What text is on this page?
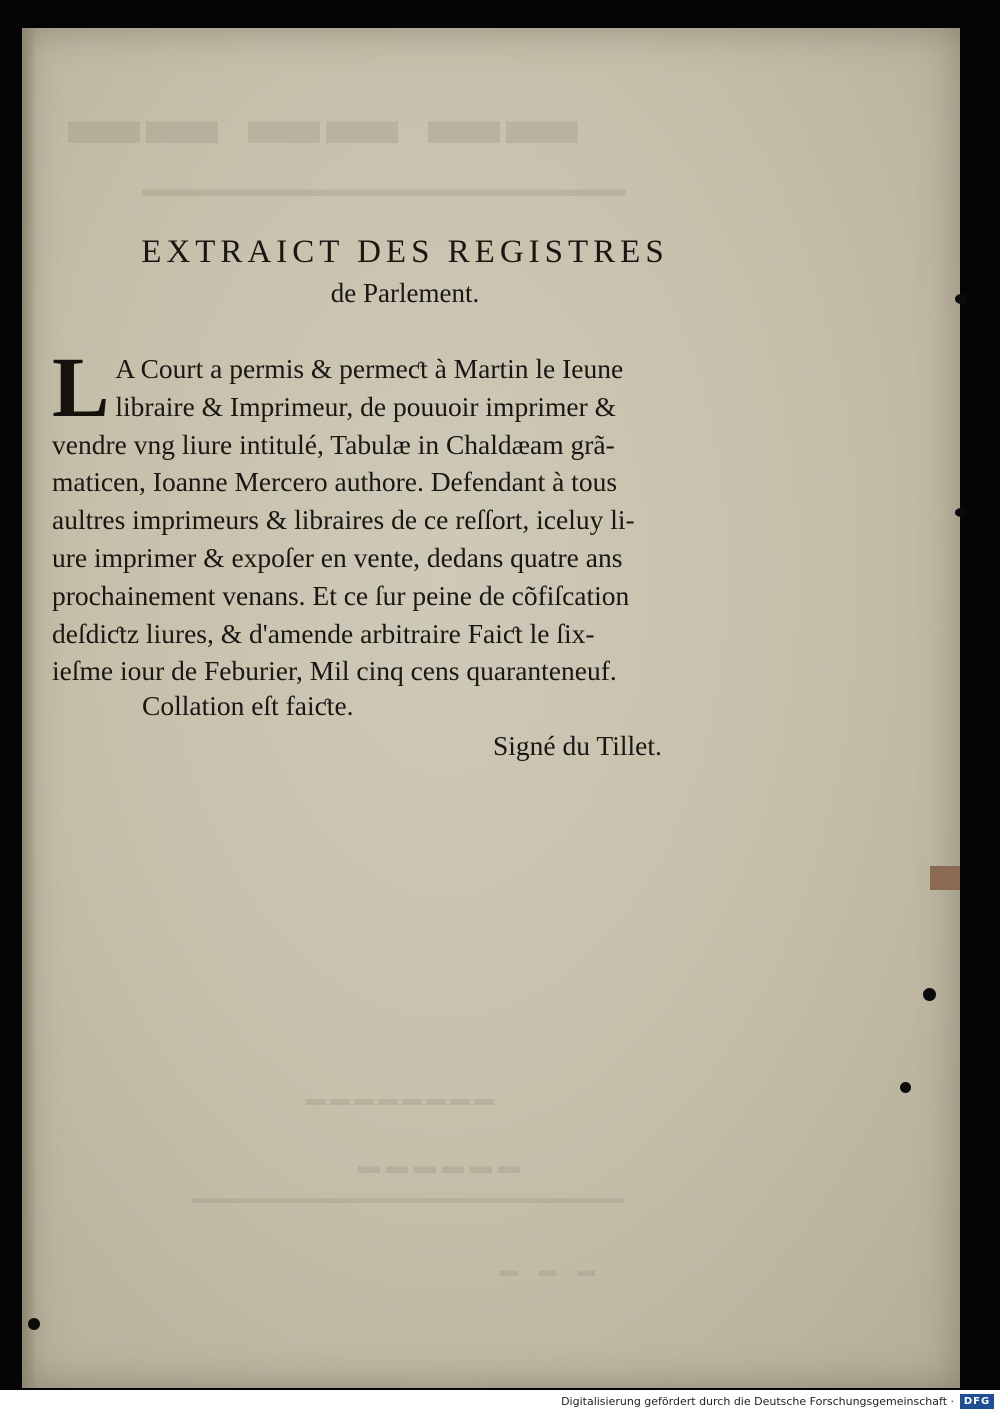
▬▬ ▬▬ ▬▬
▬▬▬▬▬▬▬▬▬▬▬▬▬▬▬▬▬▬▬▬▬▬
▬▬▬▬▬▬▬▬
▬▬▬▬▬▬
▬▬▬▬▬▬▬▬▬▬▬▬▬▬▬▬▬▬▬▬▬▬▬▬▬▬▬
▬ ▬ ▬
EXTRAICT DES REGISTRES
de Parlement.
L A Court a permis & permeƈt à Martin le Ieune
libraire & Imprimeur, de pouuoir imprimer &
vendre vng liure intitulé, Tabulæ in Chaldæam grã-
maticen, Ioanne Mercero authore. Defendant à tous
aultres imprimeurs & libraires de ce reſſort, iceluy li-
ure imprimer & expoſer en vente, dedans quatre ans
prochainement venans. Et ce ſur peine de cõfiſcation
deſdiƈtz liures, & d'amende arbitraire Faiƈt le ſix-
ieſme iour de Feburier, Mil cinq cens quaranteneuf.
Collation eſt faiƈte.
Signé du Tillet.
Digitalisierung gefördert durch die Deutsche Forschungsgemeinschaft · DFG
